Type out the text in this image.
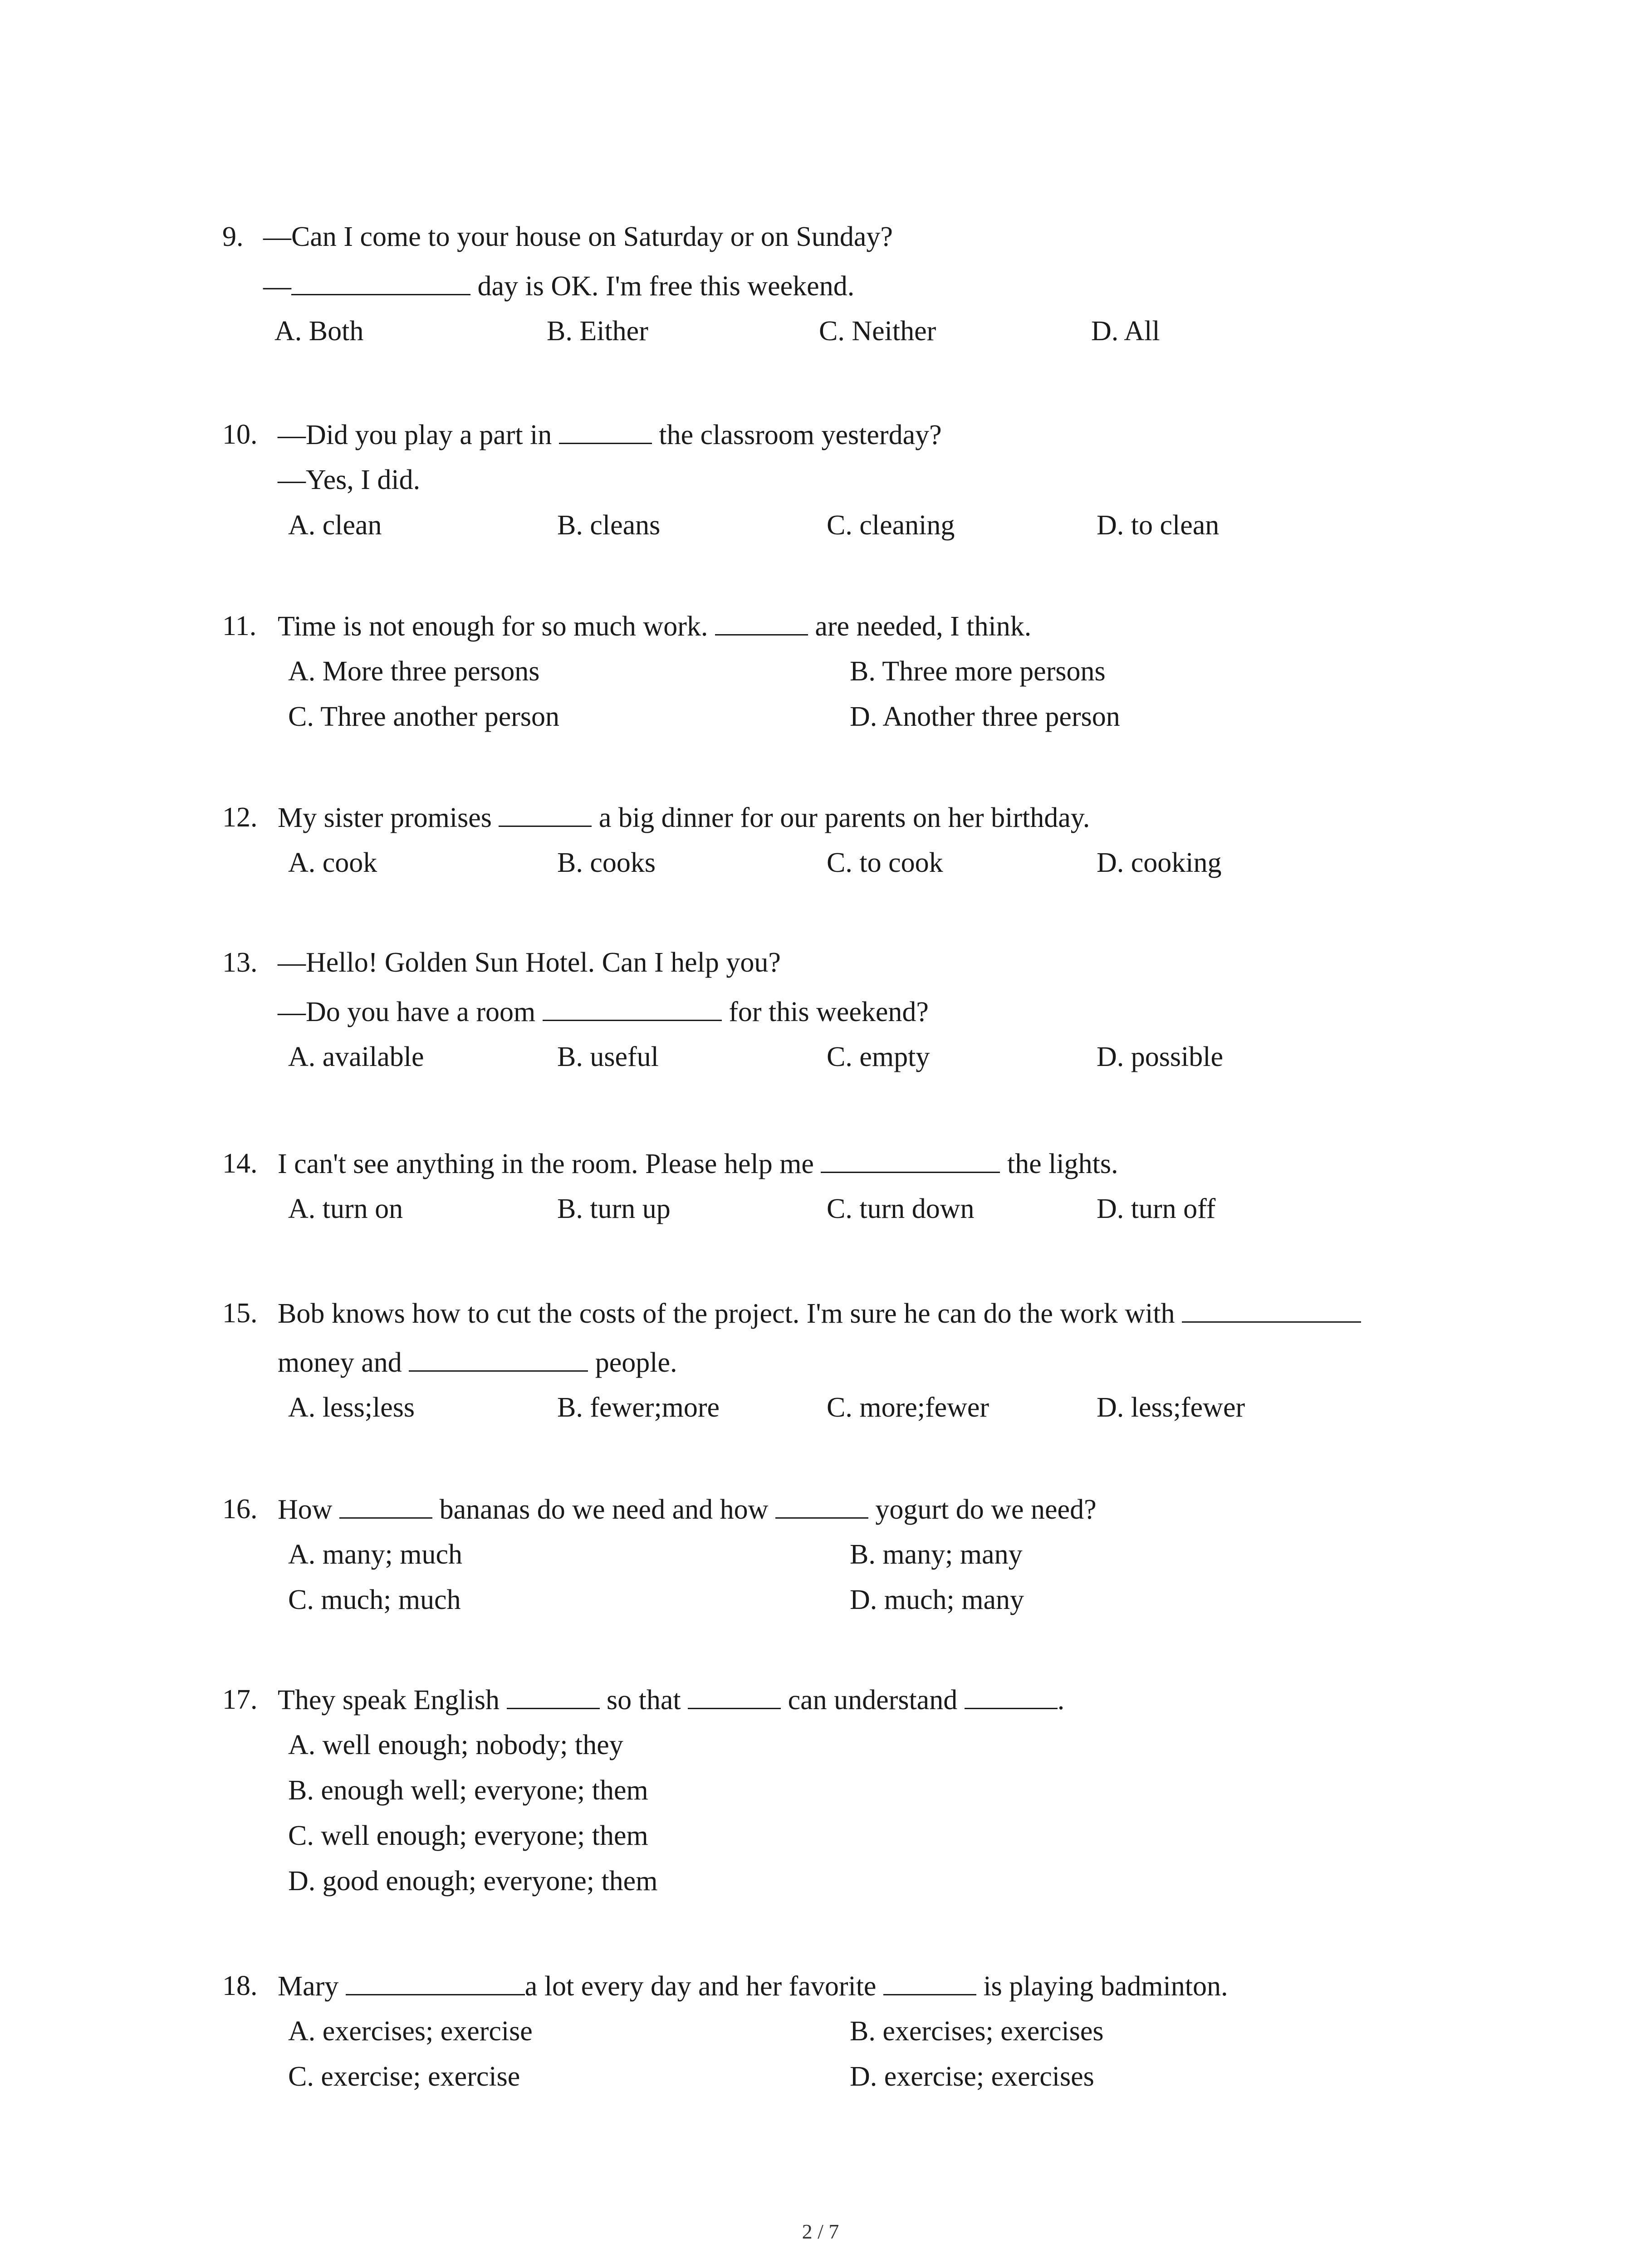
9. —Can I come to your house on Saturday or on Sunday?
—	day is OK. I'm free this weekend.
A. Both	B. Either	C. Neither	D. All
10. —Did you play a part in	the classroom yesterday?
—Yes, I did.
A. clean	B. cleans	C. cleaning	D. to clean
11. Time is not enough for so much work.	are needed, I think.
A. More three persons	B. Three more persons
C. Three another person	D. Another three person
12. My sister promises	a big dinner for our parents on her birthday.
A. cook	B. cooks	C. to cook	D. cooking
13. —Hello! Golden Sun Hotel. Can I help you?
—Do you have a room	for this weekend?
A. available	B. useful	C. empty	D. possible
14. I can't see anything in the room. Please help me	the lights.
A. turn on	B. turn up	C. turn down	D. turn off
15. Bob knows how to cut the costs of the project. I'm sure he can do the work with
money and	people.
A. less;less	B. fewer;more	C. more;fewer	D. less;fewer
16. How	bananas do we need and how	yogurt do we need?
A. many; much	B. many; many
C. much; much	D. much; many
17. They speak English	so that	can understand	.
A. well enough; nobody; they
B. enough well; everyone; them
C. well enough; everyone; them
D. good enough; everyone; them
18. Mary	a lot every day and her favorite	is playing badminton.
A. exercises; exercise	B. exercises; exercises
C. exercise; exercise	D. exercise; exercises
2 / 7
